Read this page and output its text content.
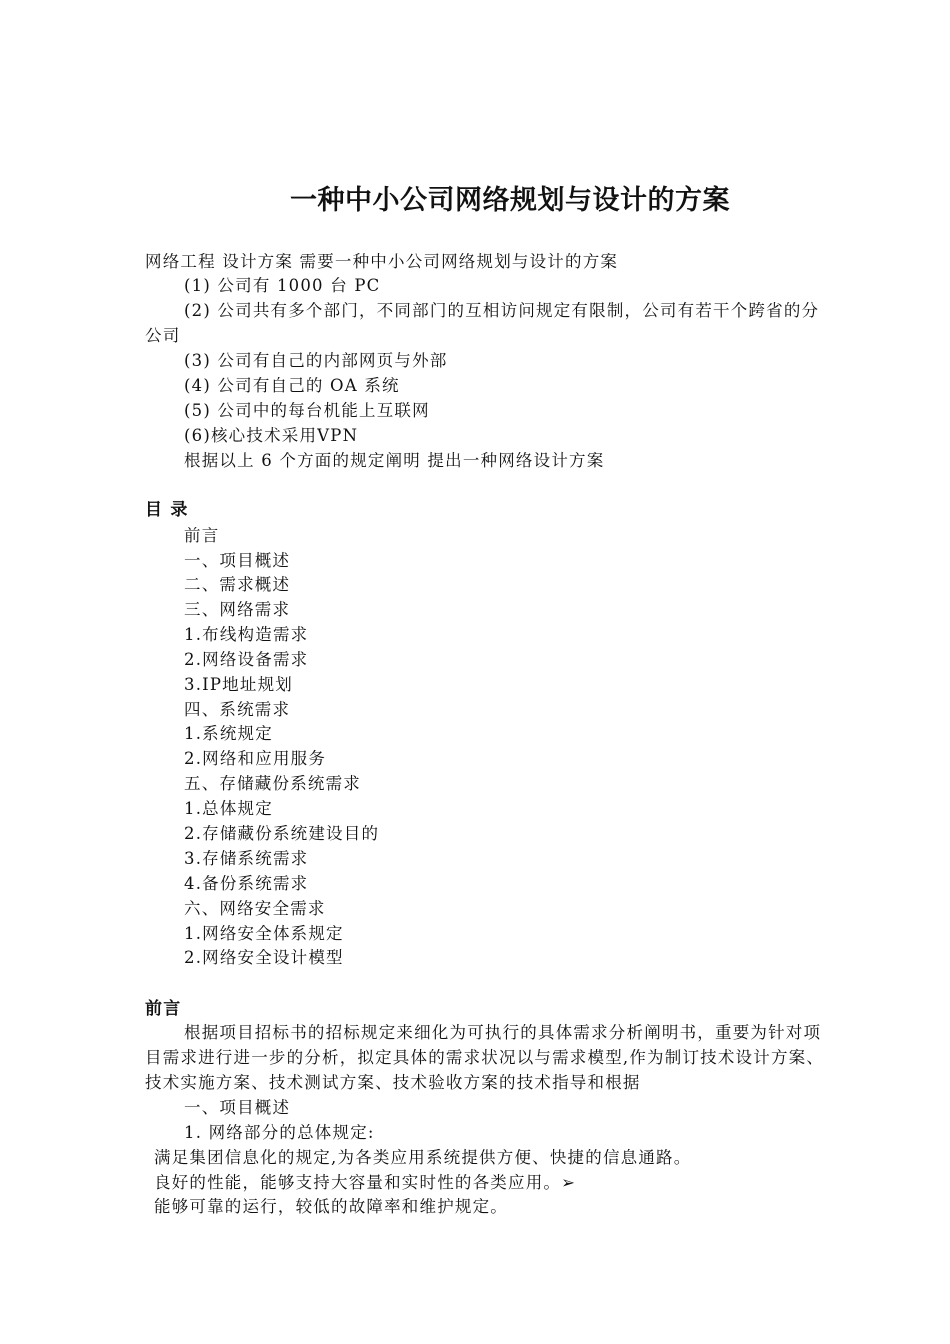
一种中小公司网络规划与设计的方案
网络工程 设计方案 需要一种中小公司网络规划与设计的方案
(1) 公司有 1000 台 PC
(2) 公司共有多个部门，不同部门的互相访问规定有限制，公司有若干个跨省的分
公司
(3) 公司有自己的内部网页与外部
(4) 公司有自己的 OA 系统
(5) 公司中的每台机能上互联网
(6)核心技术采用VPN
根据以上 6 个方面的规定阐明 提出一种网络设计方案
目 录
前言
一、项目概述
二、需求概述
三、网络需求
1.布线构造需求
2.网络设备需求
3.IP地址规划
四、系统需求
1.系统规定
2.网络和应用服务
五、存储藏份系统需求
1.总体规定
2.存储藏份系统建设目的
3.存储系统需求
4.备份系统需求
六、网络安全需求
1.网络安全体系规定
2.网络安全设计模型
前言
根据项目招标书的招标规定来细化为可执行的具体需求分析阐明书，重要为针对项
目需求进行进一步的分析，拟定具体的需求状况以与需求模型,作为制订技术设计方案、
技术实施方案、技术测试方案、技术验收方案的技术指导和根据
一、项目概述
1. 网络部分的总体规定:
满足集团信息化的规定,为各类应用系统提供方便、快捷的信息通路。
良好的性能，能够支持大容量和实时性的各类应用。➢
能够可靠的运行，较低的故障率和维护规定。
